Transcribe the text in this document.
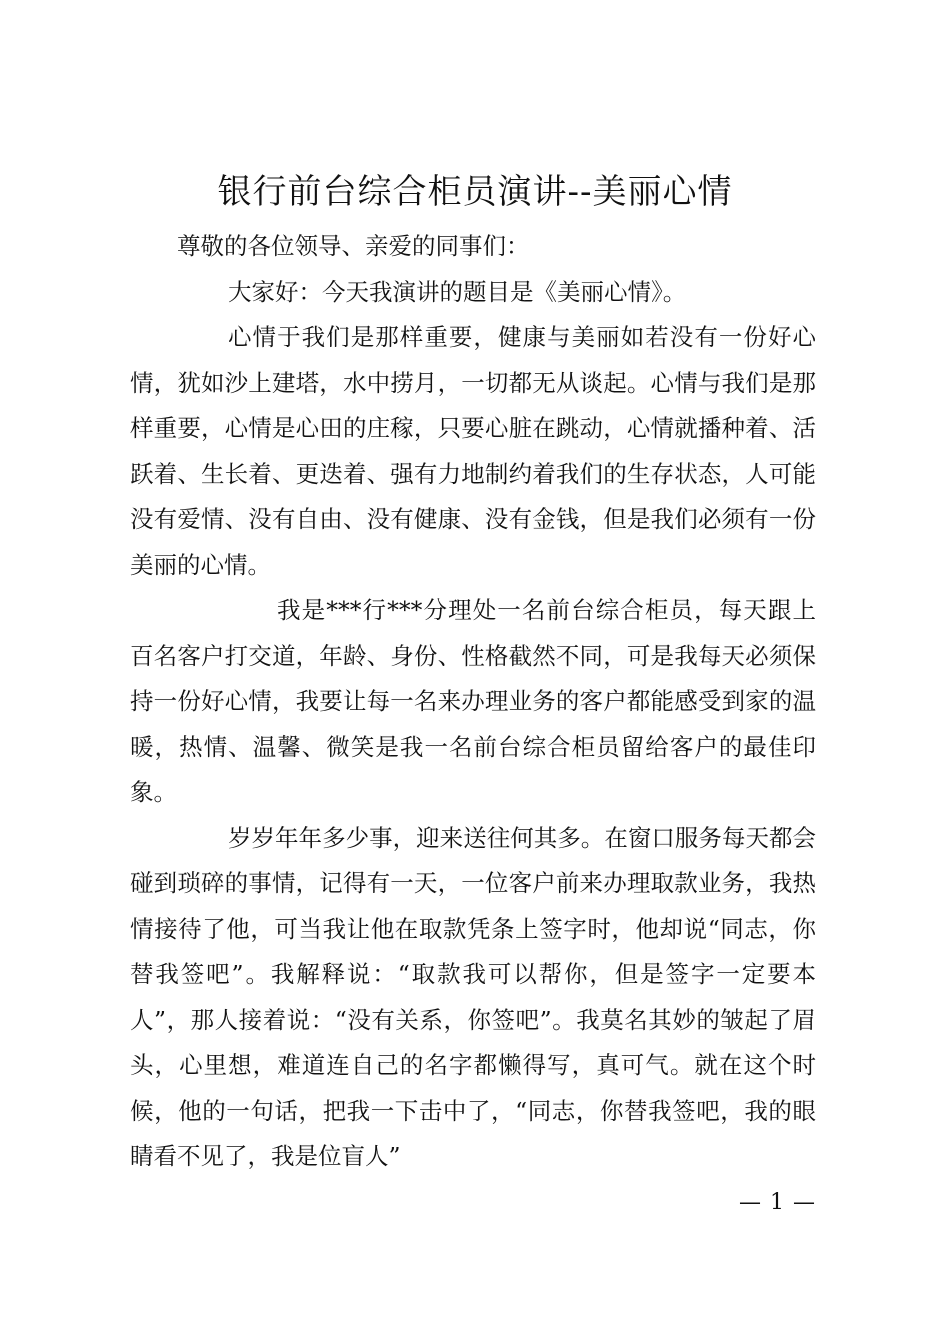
银行前台综合柜员演讲--美丽心情

尊敬的各位领导、亲爱的同事们：

大家好：今天我演讲的题目是《美丽心情》。

心情于我们是那样重要，健康与美丽如若没有一份好心情，犹如沙上建塔，水中捞月，一切都无从谈起。心情与我们是那样重要，心情是心田的庄稼，只要心脏在跳动，心情就播种着、活跃着、生长着、更迭着、强有力地制约着我们的生存状态，人可能没有爱情、没有自由、没有健康、没有金钱，但是我们必须有一份美丽的心情。

我是***行***分理处一名前台综合柜员，每天跟上百名客户打交道，年龄、身份、性格截然不同，可是我每天必须保持一份好心情，我要让每一名来办理业务的客户都能感受到家的温暖，热情、温馨、微笑是我一名前台综合柜员留给客户的最佳印象。

岁岁年年多少事，迎来送往何其多。在窗口服务每天都会碰到琐碎的事情，记得有一天，一位客户前来办理取款业务，我热情接待了他，可当我让他在取款凭条上签字时，他却说“同志，你替我签吧”。我解释说：“取款我可以帮你，但是签字一定要本人”，那人接着说：“没有关系，你签吧”。我莫名其妙的皱起了眉头，心里想，难道连自己的名字都懒得写，真可气。就在这个时候，他的一句话，把我一下击中了，“同志，你替我签吧，我的眼睛看不见了，我是位盲人”

— 1 —
